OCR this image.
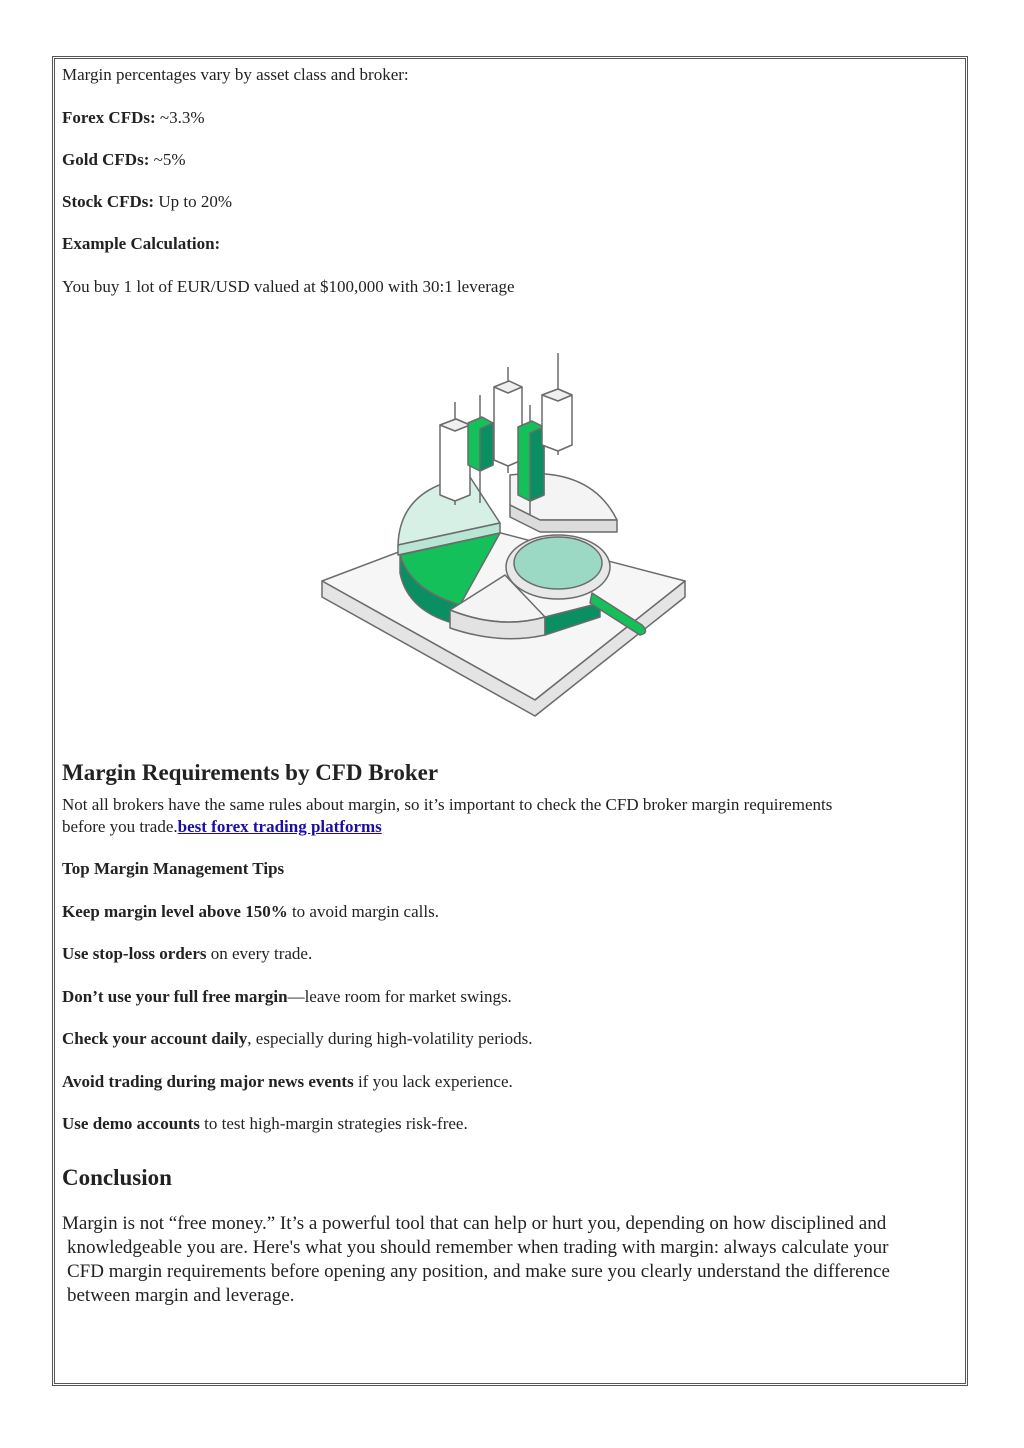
Margin percentages vary by asset class and broker:

Forex CFDs: ~3.3%

Gold CFDs: ~5%

Stock CFDs: Up to 20%

Example Calculation:

You buy 1 lot of EUR/USD valued at $100,000 with 30:1 leverage

Margin Requirements by CFD Broker

Not all brokers have the same rules about margin, so it’s important to check the CFD broker margin requirements

before you trade.best forex trading platforms

Top Margin Management Tips

Keep margin level above 150% to avoid margin calls.

Use stop-loss orders on every trade.

Don’t use your full free margin—leave room for market swings.

Check your account daily, especially during high-volatility periods.

Avoid trading during major news events if you lack experience.

Use demo accounts to test high-margin strategies risk-free.

Conclusion
Margin is not “free money.” It’s a powerful tool that can help or hurt you, depending on how disciplined and
knowledgeable you are. Here's what you should remember when trading with margin: always calculate your
CFD margin requirements before opening any position, and make sure you clearly understand the difference
between margin and leverage.
